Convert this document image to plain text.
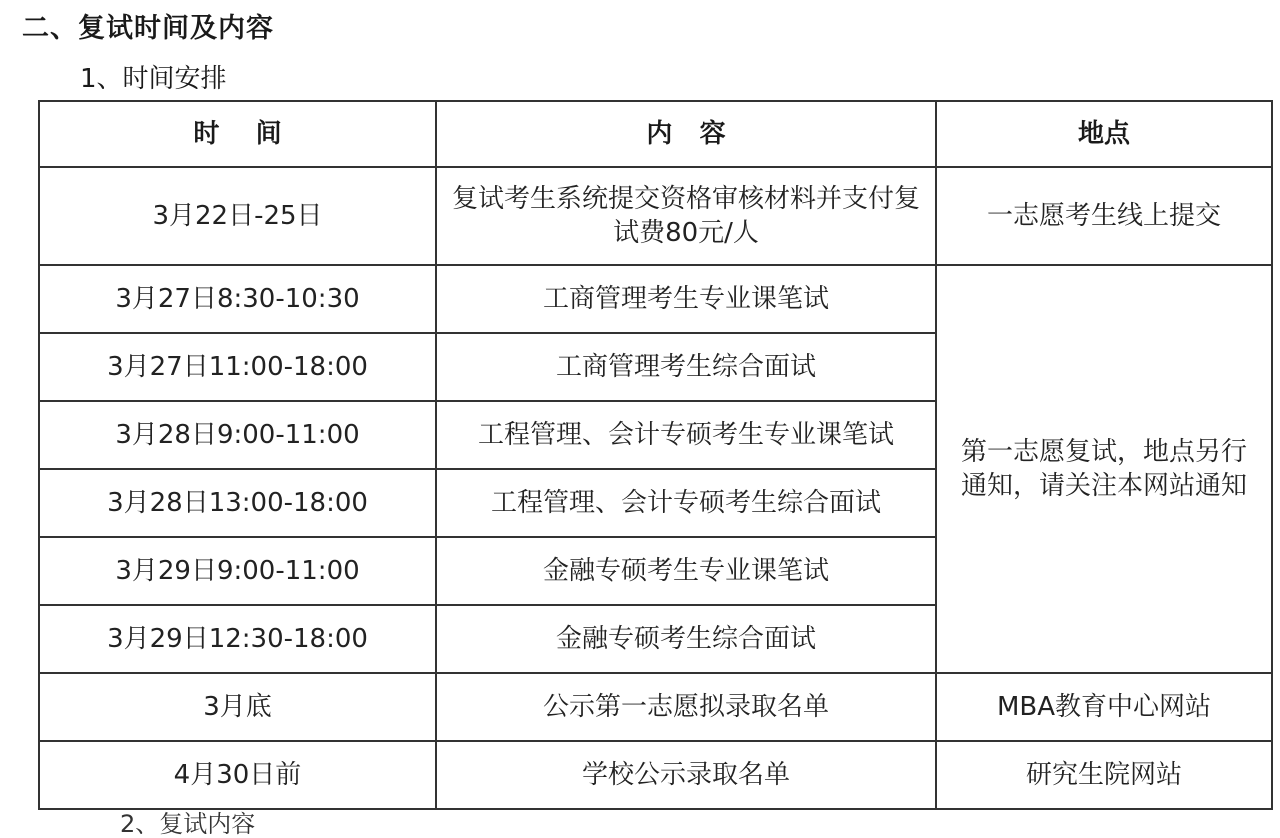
二、复试时间及内容
1、时间安排
时    间	内   容	地点
3月22日-25日	复试考生系统提交资格审核材料并支付复试费80元/人	一志愿考生线上提交
3月27日8:30-10:30	工商管理考生专业课笔试	第一志愿复试，地点另行通知，请关注本网站通知
3月27日11:00-18:00	工商管理考生综合面试	
3月28日9:00-11:00	工程管理、会计专硕考生专业课笔试	
3月28日13:00-18:00	工程管理、会计专硕考生综合面试	
3月29日9:00-11:00	金融专硕考生专业课笔试	
3月29日12:30-18:00	金融专硕考生综合面试	
3月底	公示第一志愿拟录取名单	MBA教育中心网站
4月30日前	学校公示录取名单	研究生院网站
2、复试内容
